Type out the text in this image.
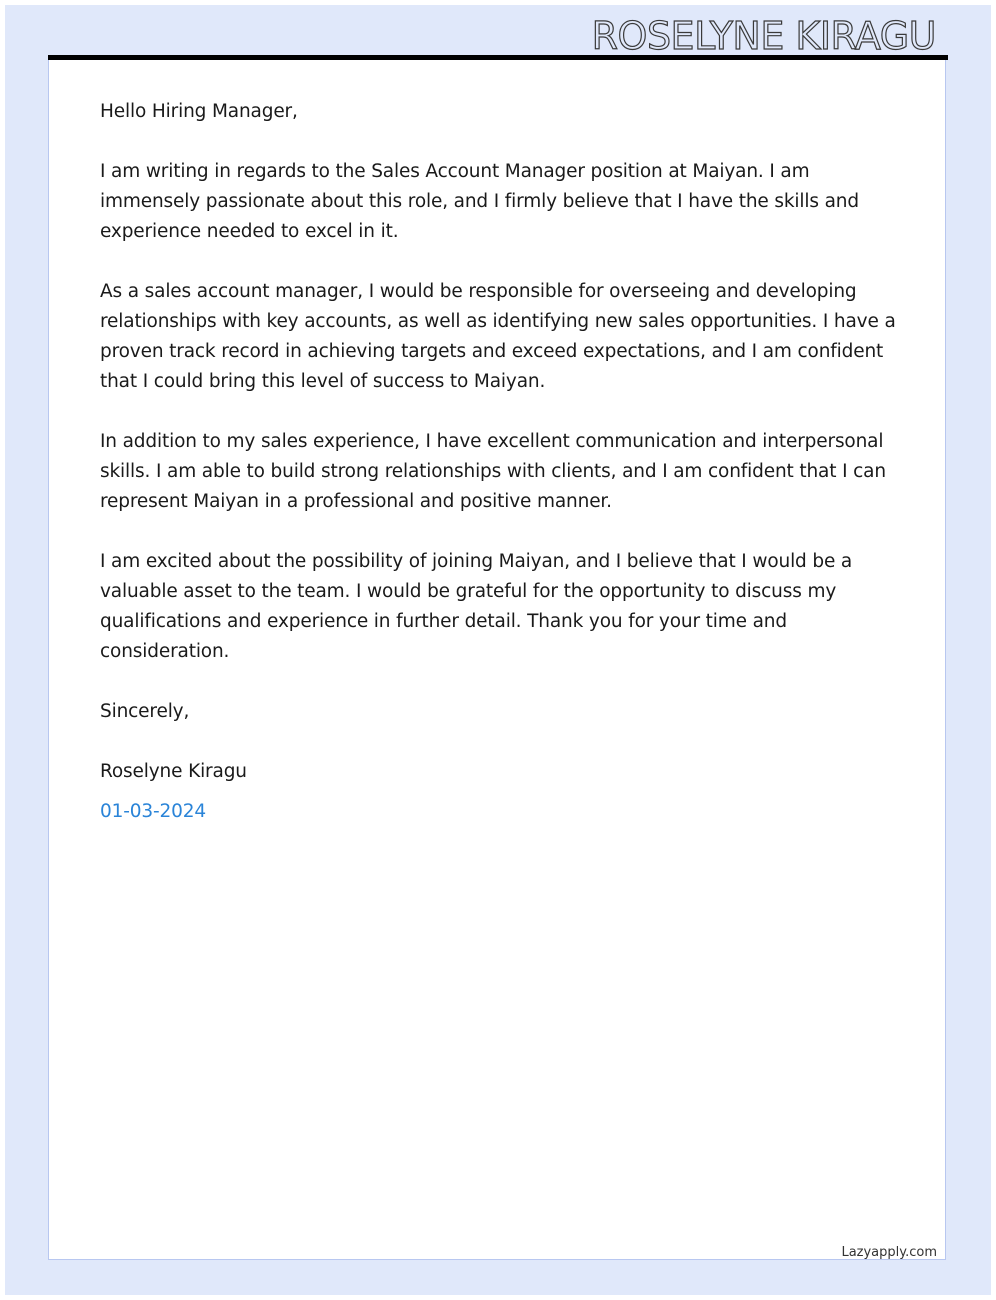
ROSELYNE KIRAGU

Hello Hiring Manager,

I am writing in regards to the Sales Account Manager position at Maiyan. I am immensely passionate about this role, and I firmly believe that I have the skills and experience needed to excel in it.

As a sales account manager, I would be responsible for overseeing and developing relationships with key accounts, as well as identifying new sales opportunities. I have a proven track record in achieving targets and exceed expectations, and I am confident that I could bring this level of success to Maiyan.

In addition to my sales experience, I have excellent communication and interpersonal skills. I am able to build strong relationships with clients, and I am confident that I can represent Maiyan in a professional and positive manner.

I am excited about the possibility of joining Maiyan, and I believe that I would be a valuable asset to the team. I would be grateful for the opportunity to discuss my qualifications and experience in further detail. Thank you for your time and consideration.

Sincerely,

Roselyne Kiragu

01-03-2024

Lazyapply.com
